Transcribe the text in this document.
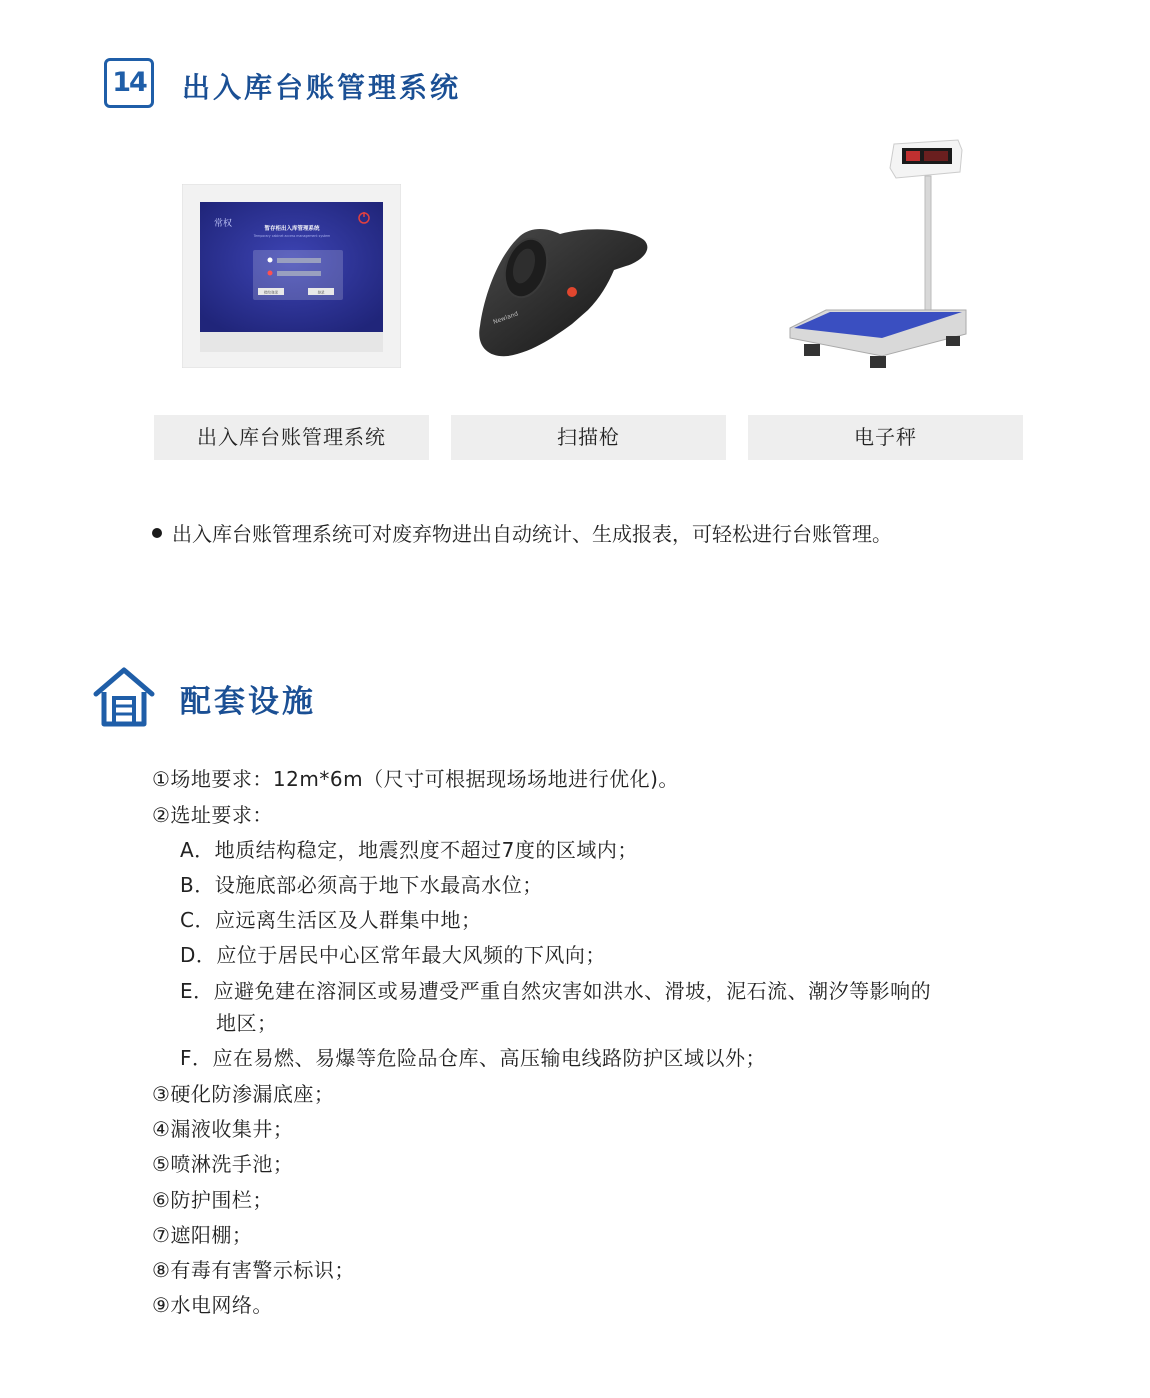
14 出入库台账管理系统
常权	暂存柜出入库管理系统
Temporary cabinet access management system
指纹登录	登录
Newland
出入库台账管理系统	扫描枪	电子秤
出入库台账管理系统可对废弃物进出自动统计、生成报表，可轻松进行台账管理。
配套设施
①场地要求：12m*6m（尺寸可根据现场场地进行优化)。
②选址要求：
A．地质结构稳定，地震烈度不超过7度的区域内；
B．设施底部必须高于地下水最高水位；
C．应远离生活区及人群集中地；
D．应位于居民中心区常年最大风频的下风向；
E．应避免建在溶洞区或易遭受严重自然灾害如洪水、滑坡，泥石流、潮汐等影响的
地区；
F．应在易燃、易爆等危险品仓库、高压输电线路防护区域以外；
③硬化防渗漏底座；
④漏液收集井；
⑤喷淋洗手池；
⑥防护围栏；
⑦遮阳棚；
⑧有毒有害警示标识；
⑨水电网络。
